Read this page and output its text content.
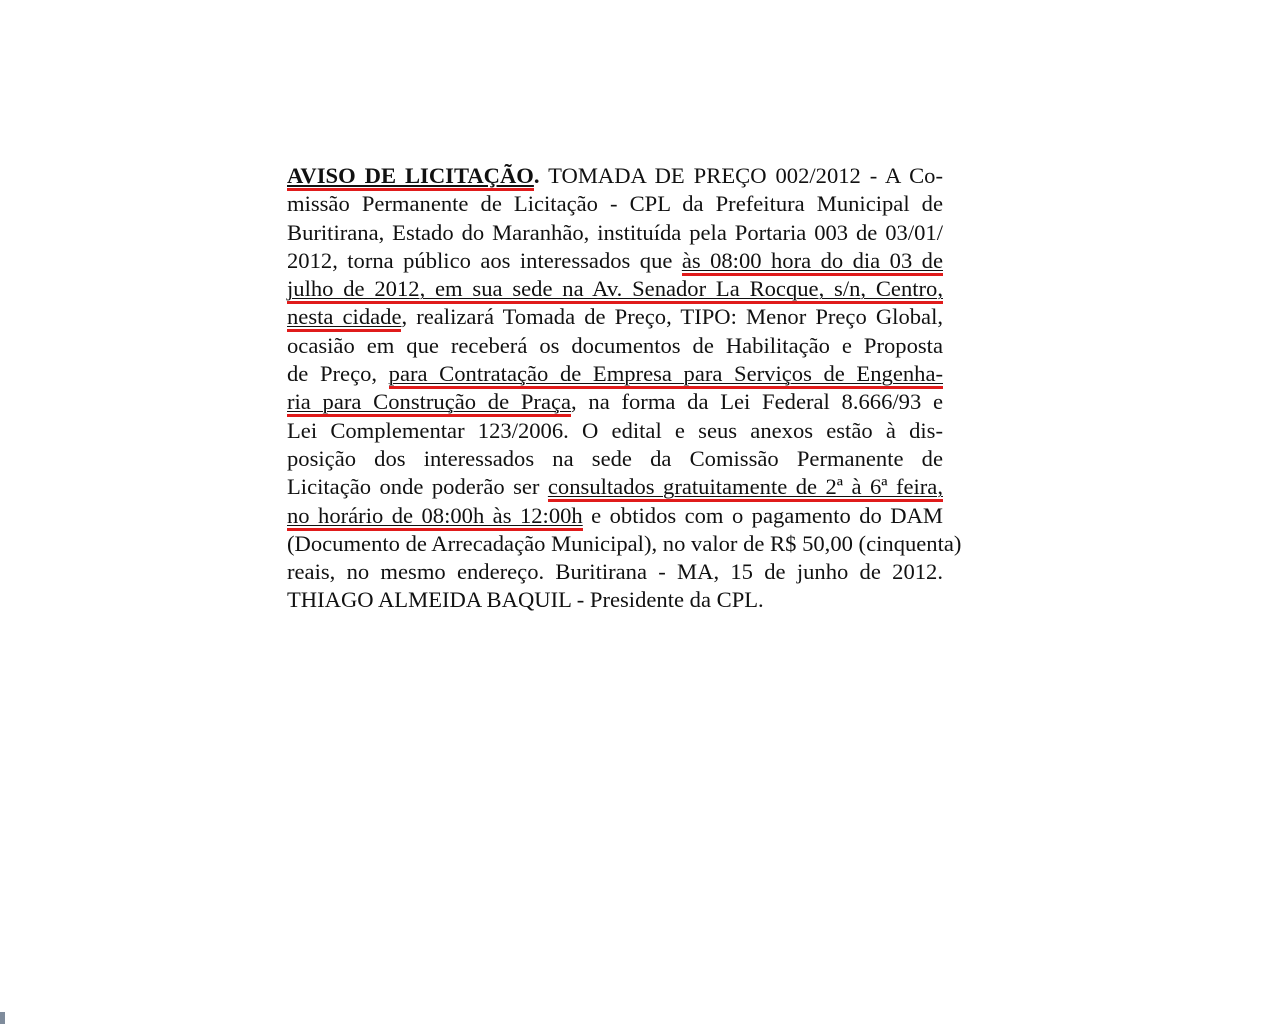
AVISO DE LICITAÇÃO. TOMADA DE PREÇO 002/2012 - A Co-
missão Permanente de Licitação - CPL da Prefeitura Municipal de
Buritirana, Estado do Maranhão, instituída pela Portaria 003 de 03/01/
2012, torna público aos interessados que às 08:00 hora do dia 03 de
julho de 2012, em sua sede na Av. Senador La Rocque, s/n, Centro,
nesta cidade, realizará Tomada de Preço, TIPO: Menor Preço Global,
ocasião em que receberá os documentos de Habilitação e Proposta
de Preço, para Contratação de Empresa para Serviços de Engenha-
ria para Construção de Praça, na forma da Lei Federal 8.666/93 e
Lei Complementar 123/2006. O edital e seus anexos estão à dis-
posição dos interessados na sede da Comissão Permanente de
Licitação onde poderão ser consultados gratuitamente de 2ª à 6ª feira,
no horário de 08:00h às 12:00h e obtidos com o pagamento do DAM
(Documento de Arrecadação Municipal), no valor de R$ 50,00 (cinquenta)
reais, no mesmo endereço. Buritirana - MA, 15 de junho de 2012.
THIAGO ALMEIDA BAQUIL - Presidente da CPL.
